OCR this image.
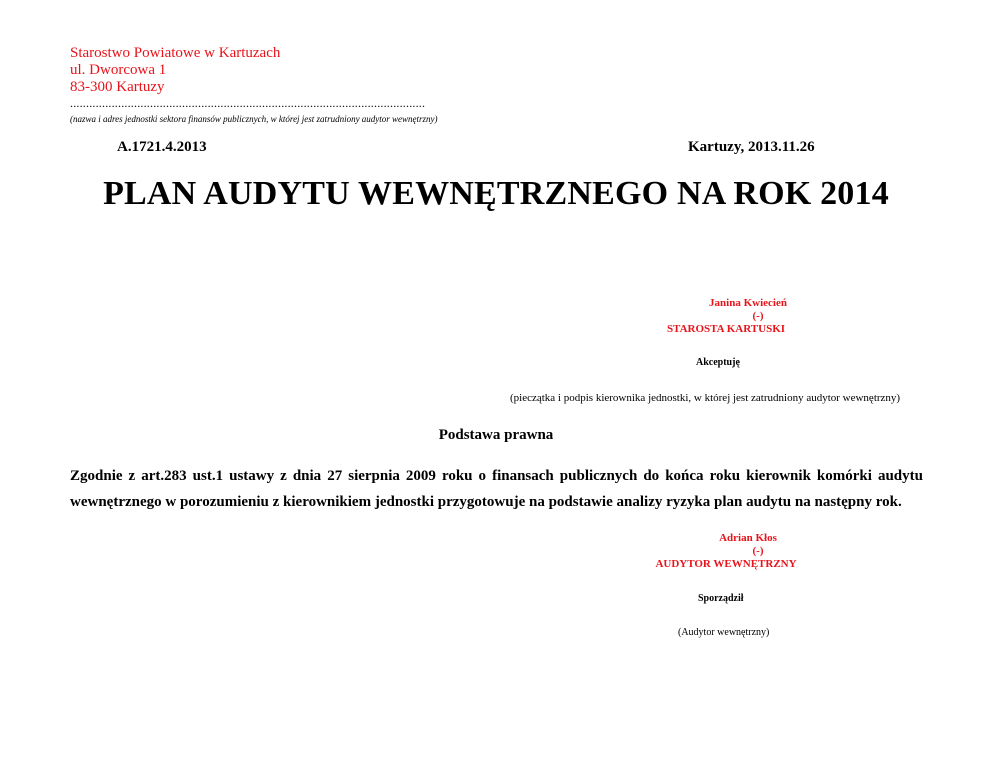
Starostwo Powiatowe w Kartuzach
ul. Dworcowa 1
83-300 Kartuzy
...............................................................................................................
(nazwa i adres jednostki sektora finansów publicznych, w której jest zatrudniony audytor wewnętrzny)
A.1721.4.2013	Kartuzy, 2013.11.26
PLAN AUDYTU WEWNĘTRZNEGO NA ROK 2014
Janina Kwiecień
(-)
STAROSTA KARTUSKI
Akceptuję
(pieczątka i podpis kierownika jednostki, w której jest zatrudniony audytor wewnętrzny)
Podstawa prawna

Zgodnie z art.283 ust.1 ustawy z dnia 27 sierpnia 2009 roku o finansach publicznych do końca roku kierownik komórki audytu wewnętrznego w porozumieniu z kierownikiem jednostki przygotowuje na podstawie analizy ryzyka plan audytu na następny rok.

Adrian Kłos
(-)
AUDYTOR WEWNĘTRZNY
Sporządził
(Audytor wewnętrzny)
